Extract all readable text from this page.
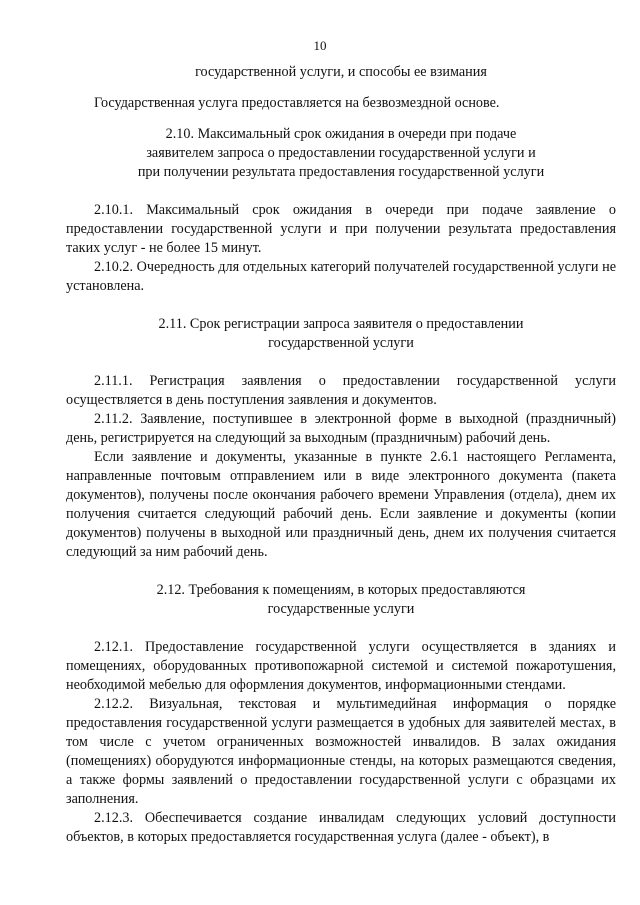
10

государственной услуги, и способы ее взимания

Государственная услуга предоставляется на безвозмездной основе.

2.10. Максимальный срок ожидания в очереди при подаче заявителем запроса о предоставлении государственной услуги и при получении результата предоставления государственной услуги

2.10.1. Максимальный срок ожидания в очереди при подаче заявление о предоставлении государственной услуги и при получении результата предоставления таких услуг - не более 15 минут.

2.10.2. Очередность для отдельных категорий получателей государственной услуги не установлена.

2.11. Срок регистрации запроса заявителя о предоставлении государственной услуги

2.11.1. Регистрация заявления о предоставлении государственной услуги осуществляется в день поступления заявления и документов.

2.11.2. Заявление, поступившее в электронной форме в выходной (праздничный) день, регистрируется на следующий за выходным (праздничным) рабочий день.

Если заявление и документы, указанные в пункте 2.6.1 настоящего Регламента, направленные почтовым отправлением или в виде электронного документа (пакета документов), получены после окончания рабочего времени Управления (отдела), днем их получения считается следующий рабочий день. Если заявление и документы (копии документов) получены в выходной или праздничный день, днем их получения считается следующий за ним рабочий день.

2.12. Требования к помещениям, в которых предоставляются государственные услуги

2.12.1. Предоставление государственной услуги осуществляется в зданиях и помещениях, оборудованных противопожарной системой и системой пожаротушения, необходимой мебелью для оформления документов, информационными стендами.

2.12.2. Визуальная, текстовая и мультимедийная информация о порядке предоставления государственной услуги размещается в удобных для заявителей местах, в том числе с учетом ограниченных возможностей инвалидов. В залах ожидания (помещениях) оборудуются информационные стенды, на которых размещаются сведения, а также формы заявлений о предоставлении государственной услуги с образцами их заполнения.

2.12.3. Обеспечивается создание инвалидам следующих условий доступности объектов, в которых предоставляется государственная услуга (далее - объект), в
